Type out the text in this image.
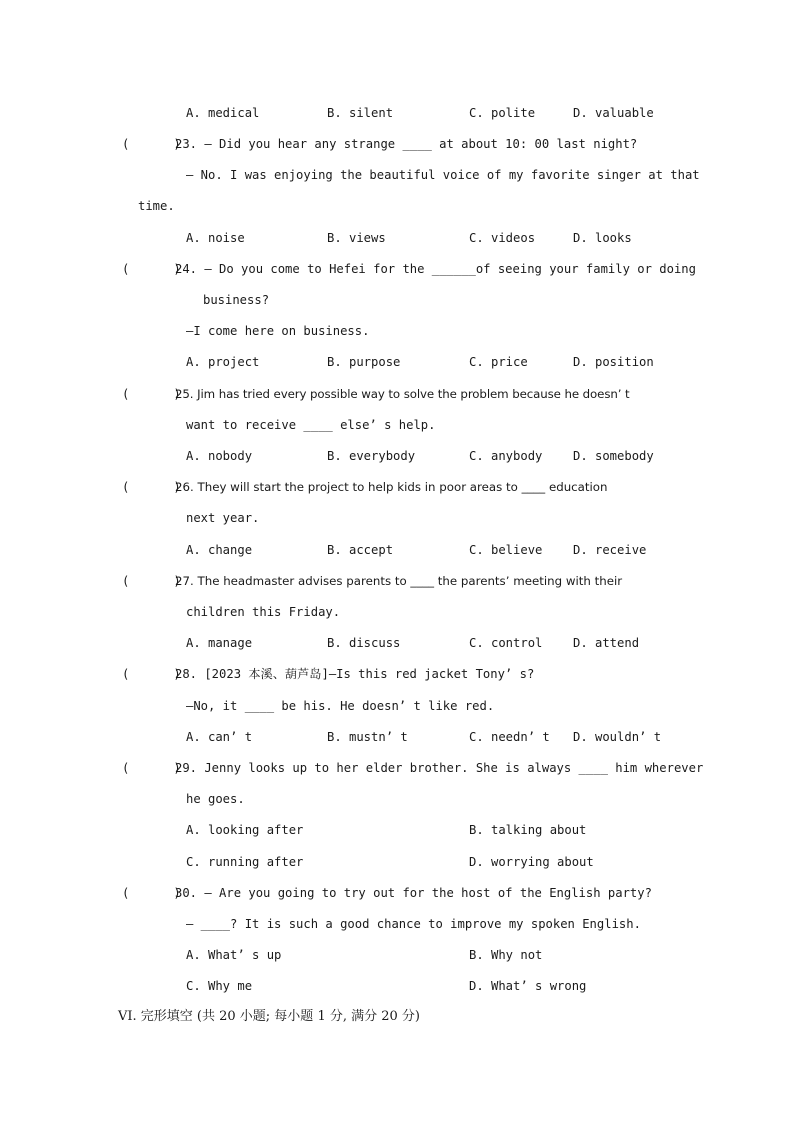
A. medical	B. silent	C. polite	D. valuable
(      )
23. — Did you hear any strange ____ at about 10: 00 last night?
— No. I was enjoying the beautiful voice of my favorite singer at that
time.
A. noise	B. views	C. videos	D. looks
(      )
24. — Do you come to Hefei for the ______of seeing your family or doing
business?
—I come here on business.
A. project	B. purpose	C. price	D. position
(      )
25. Jim has tried every possible way to solve the problem because he doesn’ t
want to receive ____ else’ s help.
A. nobody	B. everybody	C. anybody	D. somebody
(      )
26. They will start the project to help kids in poor areas to ____ education
next year.
A. change	B. accept	C. believe	D. receive
(      )
27. The headmaster advises parents to ____ the parents’ meeting with their
children this Friday.
A. manage	B. discuss	C. control	D. attend
(      )
28. [2023 本溪、葫芦岛]—Is this red jacket Tony’ s?
—No, it ____ be his. He doesn’ t like red.
A. can’ t	B. mustn’ t	C. needn’ t D. wouldn’ t
(      )
29. Jenny looks up to her elder brother. She is always ____ him wherever
he goes.
A. looking after	B. talking about
C. running after	D. worrying about
(      )
30. — Are you going to try out for the host of the English party?
— ____? It is such a good chance to improve my spoken English.
A. What’ s up	B. Why not
C. Why me	D. What’ s wrong
VI. 完形填空 (共 20 小题; 每小题 1 分, 满分 20 分)
